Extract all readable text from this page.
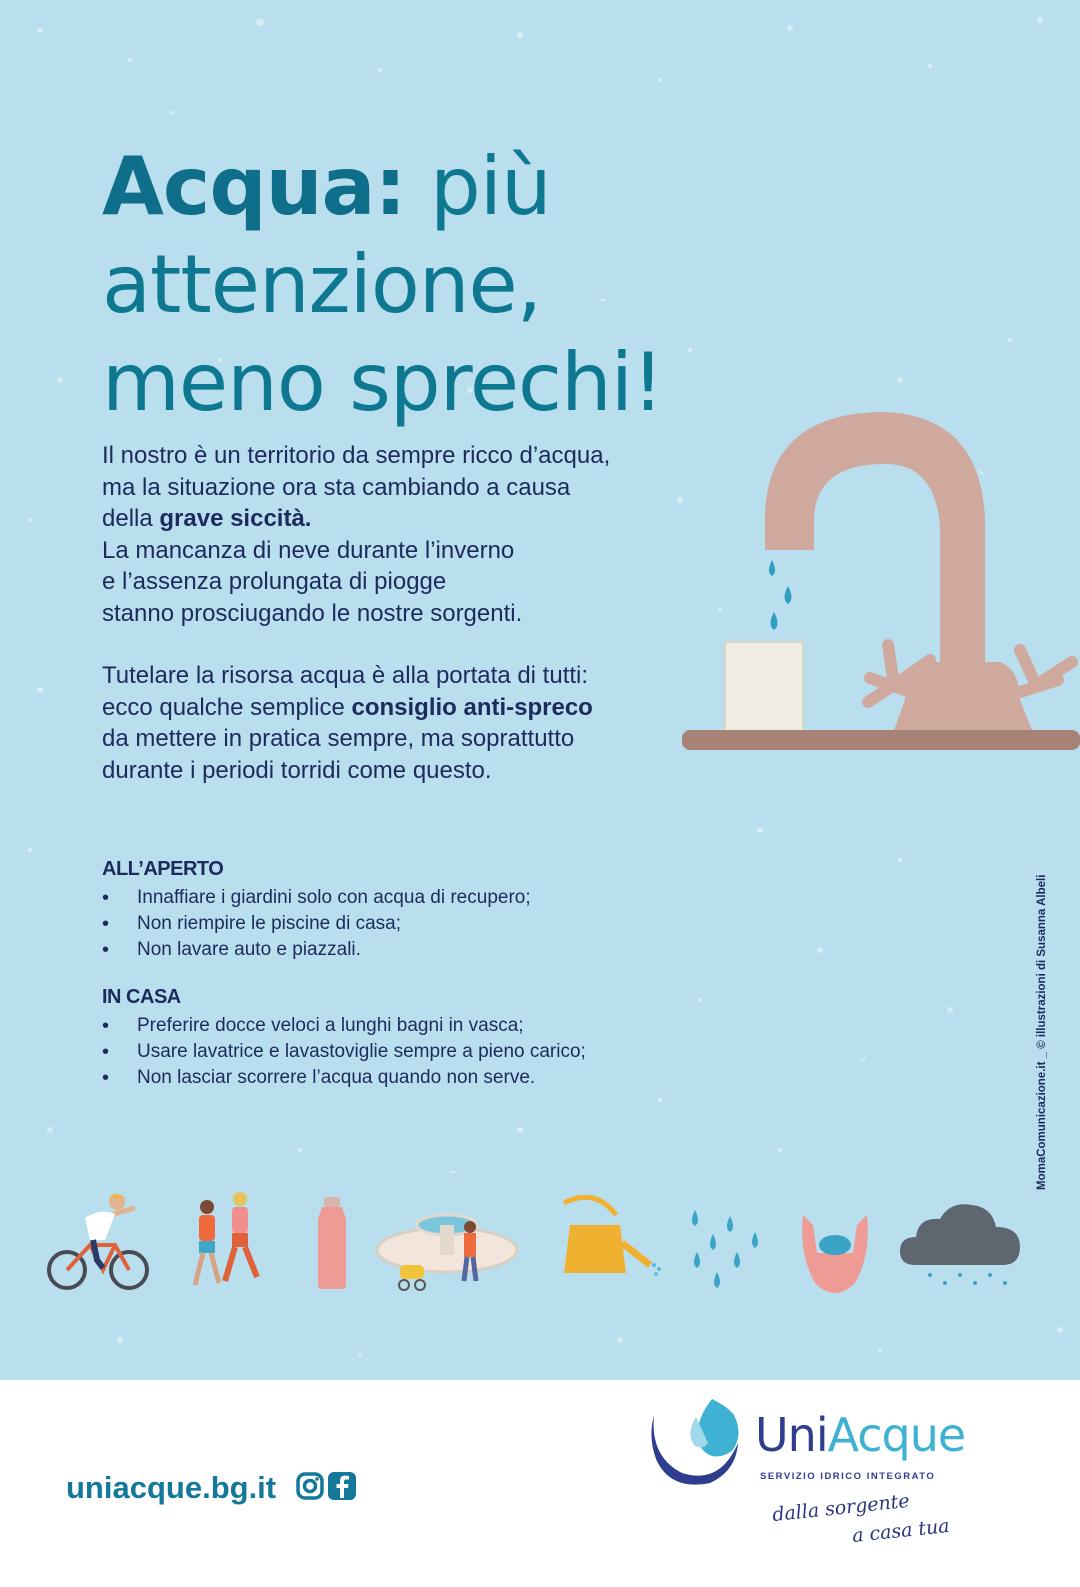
Acqua: più attenzione,
meno sprechi!

Il nostro è un territorio da sempre ricco d’acqua,
ma la situazione ora sta cambiando a causa
della grave siccità.
La mancanza di neve durante l’inverno
e l’assenza prolungata di piogge
stanno prosciugando le nostre sorgenti.

Tutelare la risorsa acqua è alla portata di tutti:
ecco qualche semplice consiglio anti-spreco
da mettere in pratica sempre, ma soprattutto
durante i periodi torridi come questo.

ALL’APERTO
• Innaffiare i giardini solo con acqua di recupero;
• Non riempire le piscine di casa;
• Non lavare auto e piazzali.
IN CASA
• Preferire docce veloci a lunghi bagni in vasca;
• Usare lavatrice e lavastoviglie sempre a pieno carico;
• Non lasciar scorrere l’acqua quando non serve.	MomaComunicazione.it _ © illustrazioni di Susanna Albeli
uniacque.bg.it
UniAcque
SERVIZIO IDRICO INTEGRATO
dalla sorgente
a casa tua
